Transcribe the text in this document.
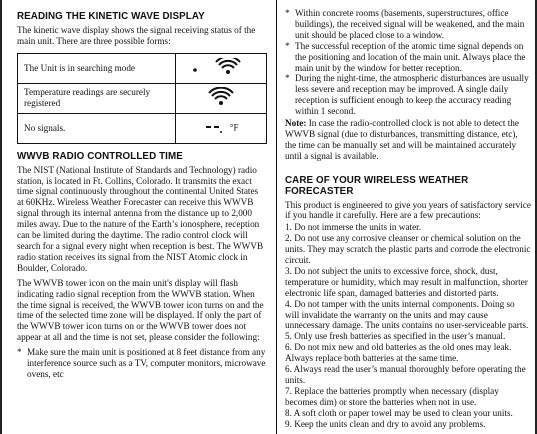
READING THE KINETIC WAVE DISPLAY

The kinetic wave display shows the signal receiving status of the main unit. There are three possible forms:

The Unit is in searching mode	
Temperature readings are securely registered	
No signals.	°F
WWVB RADIO CONTROLLED TIME

The NIST (National Institute of Standards and Technology) radio station, is located in Ft. Collins, Colorado. It transmits the exact time signal continuously throughout the continental United States at 60KHz. Wireless Weather Forecaster can receive this WWVB signal through its internal antenna from the distance up to 2,000 miles away. Due to the nature of the Earth’s ionosphere, reception can be limited during the daytime. The radio control clock will search for a signal every night when reception is best. The WWVB radio station receives its signal from the NIST Atomic clock in Boulder, Colorado.

The WWVB tower icon on the main unit's display will flash indicating radio signal reception from the WWVB station. When the time signal is received, the WWVB tower icon turns on and the time of the selected time zone will be displayed. If only the part of the WWVB tower icon turns on or the WWVB tower does not appear at all and the time is not set, please consider the following:

* Make sure the main unit is positioned at 8 feet distance from any interference source such as a TV, computer monitors, microwave ovens, etc
* Within concrete rooms (basements, superstructures, office buildings), the received signal will be weakened, and the main unit should be placed close to a window.
* The successful reception of the atomic time signal depends on the positioning and location of the main unit. Always place the main unit by the window for better reception.
* During the night-time, the atmospheric disturbances are usually less severe and reception may be improved. A single daily reception is sufficient enough to keep the accuracy reading within 1 second.
Note: In case the radio-controlled clock is not able to detect the WWVB signal (due to disturbances, transmitting distance, etc), the time can be manually set and will be maintained accurately until a signal is available.
CARE OF YOUR WIRELESS WEATHER FORECASTER

This product is engineered to give you years of satisfactory service if you handle it carefully. Here are a few precautions:

1. Do not immerse the units in water.
2. Do not use any corrosive cleanser or chemical solution on the units. They may scratch the plastic parts and corrode the electronic circuit.
3. Do not subject the units to excessive force, shock, dust, temperature or humidity, which may result in malfunction, shorter electronic life span, damaged batteries and distorted parts.
4. Do not tamper with the units internal components. Doing so will invalidate the warranty on the units and may cause unnecessary damage. The units contains no user-serviceable parts.
5. Only use fresh batteries as specified in the user’s manual.
6. Do not mix new and old batteries as the old ones may leak. Always replace both batteries at the same time.
6. Always read the user’s manual thoroughly before operating the units.
7. Replace the batteries promptly when necessary (display becomes dim) or store the batteries when not in use.
8. A soft cloth or paper towel may be used to clean your units.
9. Keep the units clean and dry to avoid any problems.
